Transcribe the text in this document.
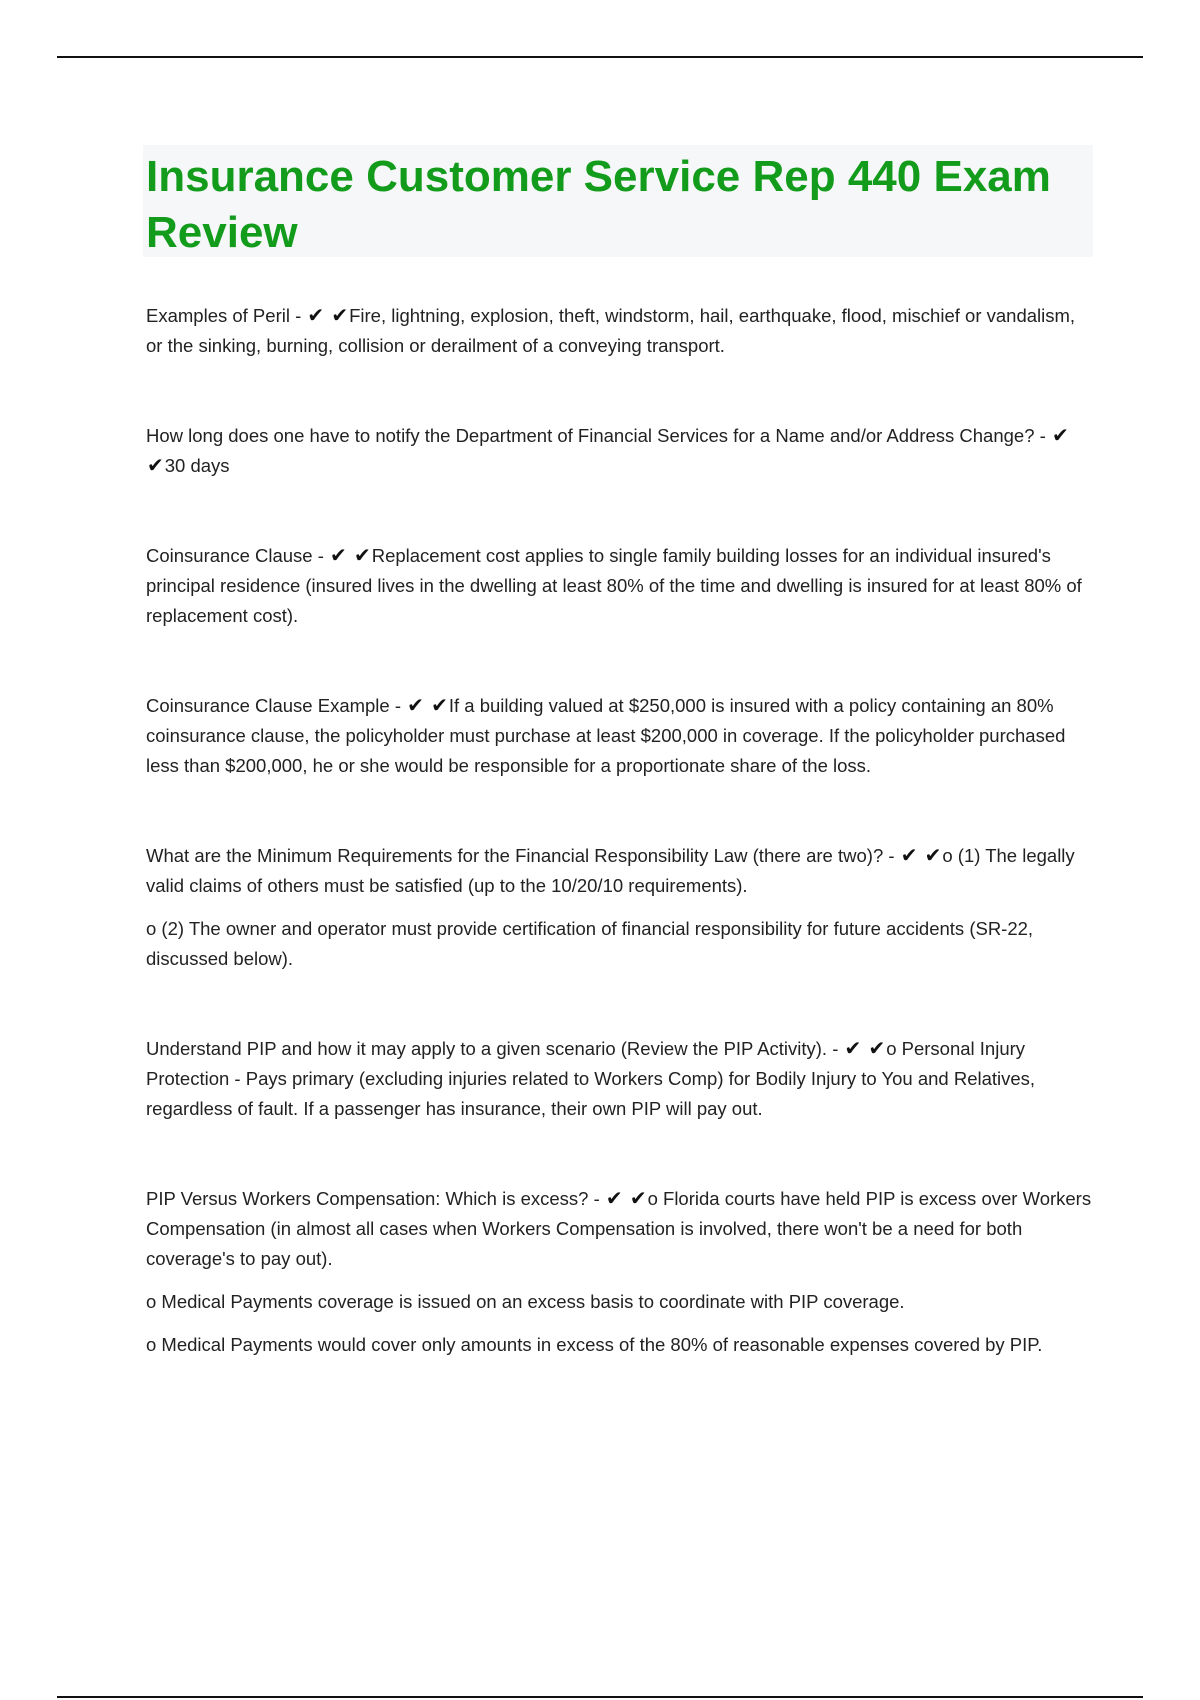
Insurance Customer Service Rep 440 Exam Review

Examples of Peril - ✔ ✔Fire, lightning, explosion, theft, windstorm, hail, earthquake, flood, mischief or vandalism, or the sinking, burning, collision or derailment of a conveying transport.

How long does one have to notify the Department of Financial Services for a Name and/or Address Change? - ✔ ✔30 days

Coinsurance Clause - ✔ ✔Replacement cost applies to single family building losses for an individual insured's principal residence (insured lives in the dwelling at least 80% of the time and dwelling is insured for at least 80% of replacement cost).

Coinsurance Clause Example - ✔ ✔If a building valued at $250,000 is insured with a policy containing an 80% coinsurance clause, the policyholder must purchase at least $200,000 in coverage. If the policyholder purchased less than $200,000, he or she would be responsible for a proportionate share of the loss.

What are the Minimum Requirements for the Financial Responsibility Law (there are two)? - ✔ ✔o (1) The legally valid claims of others must be satisfied (up to the 10/20/10 requirements).

o (2) The owner and operator must provide certification of financial responsibility for future accidents (SR-22, discussed below).

Understand PIP and how it may apply to a given scenario (Review the PIP Activity). - ✔ ✔o Personal Injury Protection - Pays primary (excluding injuries related to Workers Comp) for Bodily Injury to You and Relatives, regardless of fault. If a passenger has insurance, their own PIP will pay out.

PIP Versus Workers Compensation: Which is excess? - ✔ ✔o Florida courts have held PIP is excess over Workers Compensation (in almost all cases when Workers Compensation is involved, there won't be a need for both coverage's to pay out).

o Medical Payments coverage is issued on an excess basis to coordinate with PIP coverage.

o Medical Payments would cover only amounts in excess of the 80% of reasonable expenses covered by PIP.
